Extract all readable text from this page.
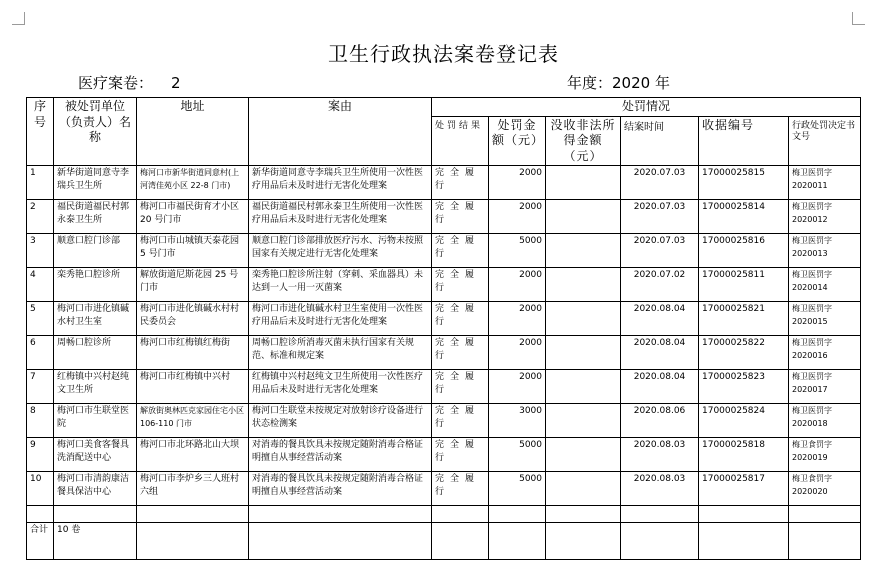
卫生行政执法案卷登记表
医疗案卷： 2	年度：2020 年
序号	被处罚单位（负责人）名称	地址	案由	处罚情况					
				处罚结果	处罚金额（元）	没收非法所得金额（元）	结案时间	收据编号	行政处罚决定书文号
1	新华街道同意寺李瑞兵卫生所	梅河口市新华街道同意村(上河湾佳苑小区 22-8 门市)	新华街道同意寺李瑞兵卫生所使用一次性医疗用品后未及时进行无害化处理案	完全履行	2000		2020.07.03	17000025815	梅卫医罚字2020011
2	福民街道福民村郭永泰卫生所	梅河口市福民街育才小区 20 号门市	福民街道福民村郭永泰卫生所使用一次性医疗用品后未及时进行无害化处理案	完全履行	2000		2020.07.03	17000025814	梅卫医罚字2020012
3	顺意口腔门诊部	梅河口市山城镇天泰花园 5 号门市	顺意口腔门诊部排放医疗污水、污物未按照国家有关规定进行无害化处理案	完全履行	5000		2020.07.03	17000025816	梅卫医罚字2020013
4	栾秀艳口腔诊所	解放街道尼斯花园 25 号门市	栾秀艳口腔诊所注射（穿刺、采血器具）未达到一人一用一灭菌案	完全履行	2000		2020.07.02	17000025811	梅卫医罚字2020014
5	梅河口市进化镇碱水村卫生室	梅河口市进化镇碱水村村民委员会	梅河口市进化镇碱水村卫生室使用一次性医疗用品后未及时进行无害化处理案	完全履行	2000		2020.08.04	17000025821	梅卫医罚字2020015
6	周畅口腔诊所	梅河口市红梅镇红梅街	周畅口腔诊所消毒灭菌未执行国家有关规范、标准和规定案	完全履行	2000		2020.08.04	17000025822	梅卫医罚字2020016
7	红梅镇中兴村赵纯文卫生所	梅河口市红梅镇中兴村	红梅镇中兴村赵纯文卫生所使用一次性医疗用品后未及时进行无害化处理案	完全履行	2000		2020.08.04	17000025823	梅卫医罚字2020017
8	梅河口市生联堂医院	解放街奥林匹克家园住宅小区 106-110 门市	梅河口生联堂未按规定对放射诊疗设备进行状态检测案	完全履行	3000		2020.08.06	17000025824	梅卫医罚字2020018
9	梅河口美食客餐具洗消配送中心	梅河口市北环路北山大坝	对消毒的餐具饮具未按规定随附消毒合格证明擅自从事经营活动案	完全履行	5000		2020.08.03	17000025818	梅卫食罚字2020019
10	梅河口市清韵康洁餐具保洁中心	梅河口市李炉乡三人班村六组	对消毒的餐具饮具未按规定随附消毒合格证明擅自从事经营活动案	完全履行	5000		2020.08.03	17000025817	梅卫食罚字2020020

合计	10 卷								
